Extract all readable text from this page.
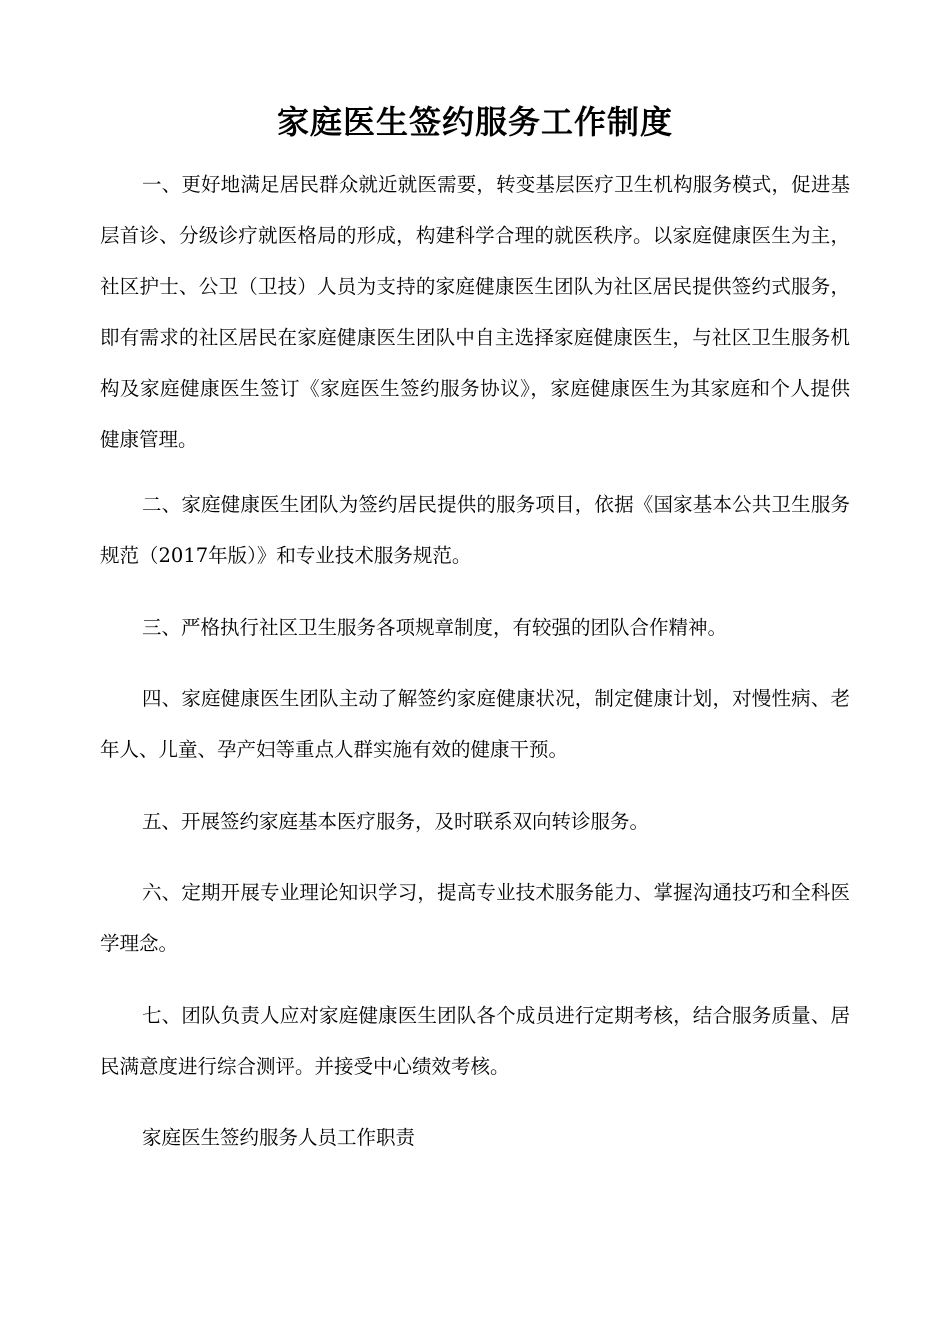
家庭医生签约服务工作制度

一、更好地满足居民群众就近就医需要，转变基层医疗卫生机构服务模式，促进基层首诊、分级诊疗就医格局的形成，构建科学合理的就医秩序。以家庭健康医生为主，社区护士、公卫（卫技）人员为支持的家庭健康医生团队为社区居民提供签约式服务，即有需求的社区居民在家庭健康医生团队中自主选择家庭健康医生，与社区卫生服务机构及家庭健康医生签订《家庭医生签约服务协议》，家庭健康医生为其家庭和个人提供健康管理。

二、家庭健康医生团队为签约居民提供的服务项目，依据《国家基本公共卫生服务规范（2017年版）》和专业技术服务规范。

三、严格执行社区卫生服务各项规章制度，有较强的团队合作精神。

四、家庭健康医生团队主动了解签约家庭健康状况，制定健康计划，对慢性病、老年人、儿童、孕产妇等重点人群实施有效的健康干预。

五、开展签约家庭基本医疗服务，及时联系双向转诊服务。

六、定期开展专业理论知识学习，提高专业技术服务能力、掌握沟通技巧和全科医学理念。

七、团队负责人应对家庭健康医生团队各个成员进行定期考核，结合服务质量、居民满意度进行综合测评。并接受中心绩效考核。

家庭医生签约服务人员工作职责
